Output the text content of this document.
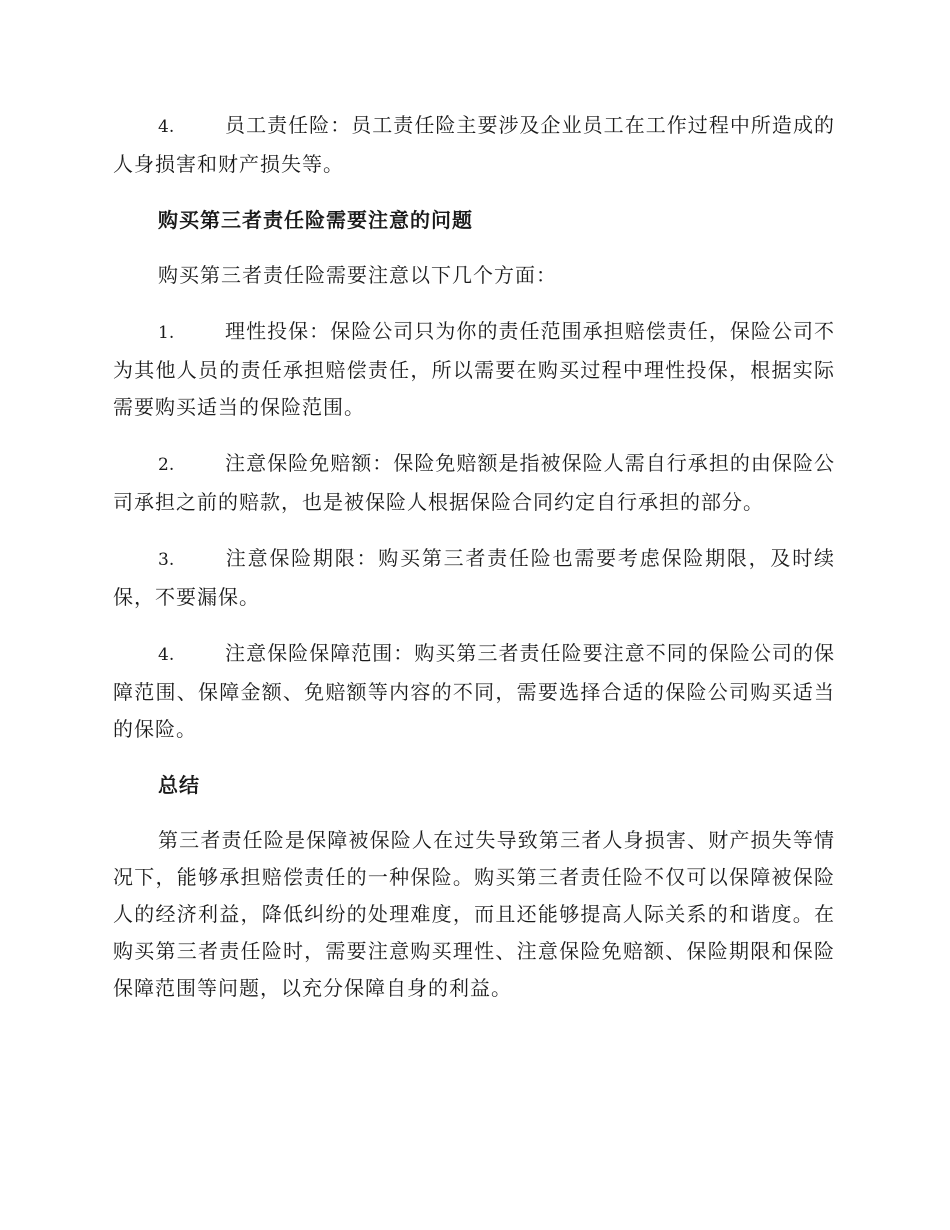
4.	员工责任险：员工责任险主要涉及企业员工在工作过程中所造成的人身损害和财产损失等。

购买第三者责任险需要注意的问题

购买第三者责任险需要注意以下几个方面：

1.	理性投保：保险公司只为你的责任范围承担赔偿责任，保险公司不为其他人员的责任承担赔偿责任，所以需要在购买过程中理性投保，根据实际需要购买适当的保险范围。

2.	注意保险免赔额：保险免赔额是指被保险人需自行承担的由保险公司承担之前的赔款，也是被保险人根据保险合同约定自行承担的部分。

3.	注意保险期限：购买第三者责任险也需要考虑保险期限，及时续保，不要漏保。

4.	注意保险保障范围：购买第三者责任险要注意不同的保险公司的保障范围、保障金额、免赔额等内容的不同，需要选择合适的保险公司购买适当的保险。

总结

第三者责任险是保障被保险人在过失导致第三者人身损害、财产损失等情况下，能够承担赔偿责任的一种保险。购买第三者责任险不仅可以保障被保险人的经济利益，降低纠纷的处理难度，而且还能够提高人际关系的和谐度。在购买第三者责任险时，需要注意购买理性、注意保险免赔额、保险期限和保险保障范围等问题，以充分保障自身的利益。
